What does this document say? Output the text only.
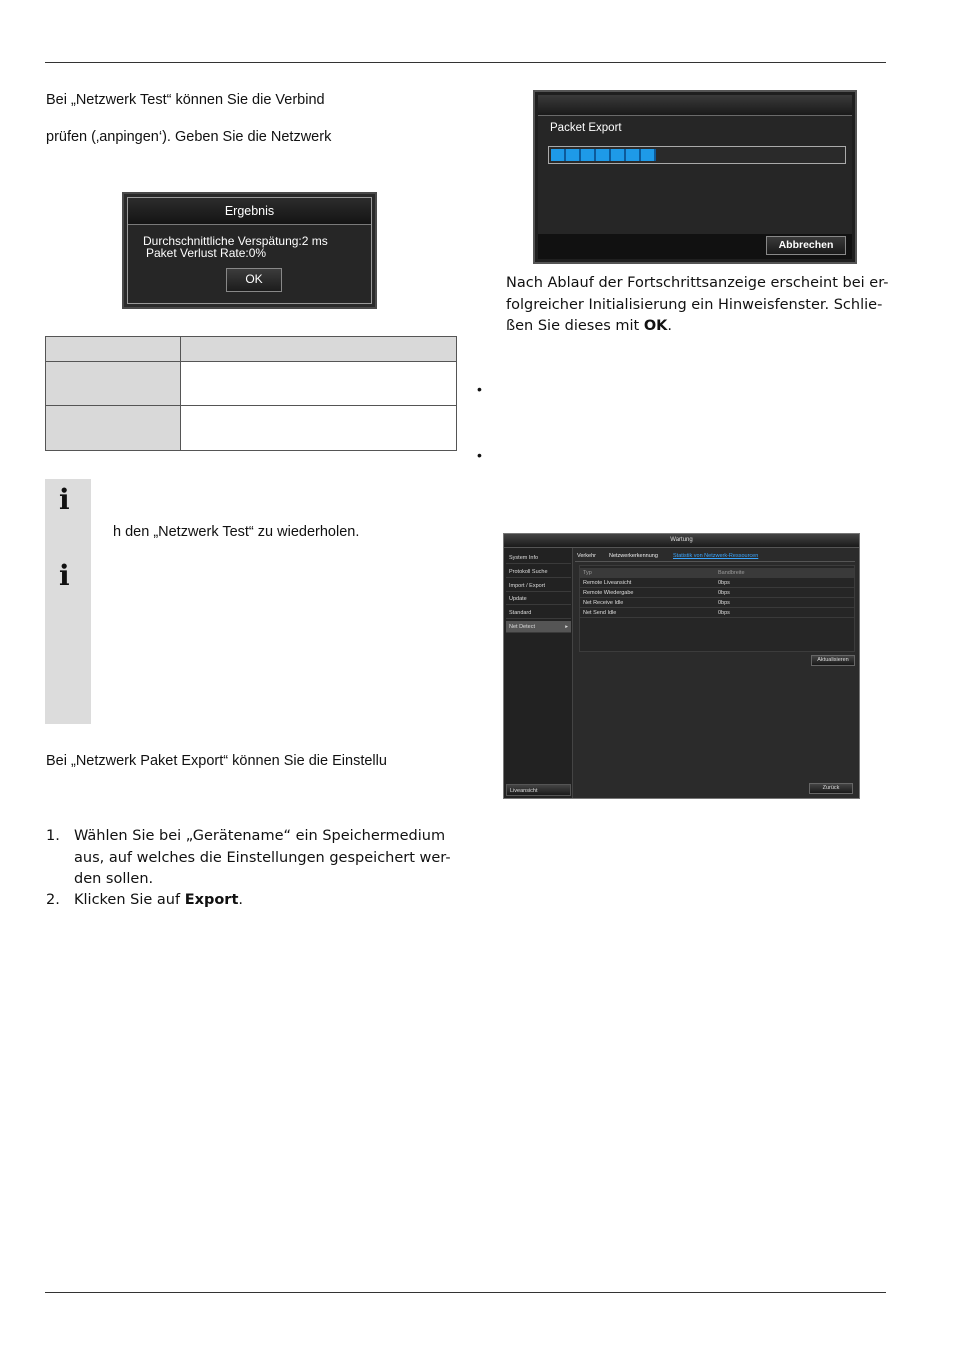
Bei „Netzwerk Test“ können Sie die Verbind
prüfen (‚anpingen‘). Geben Sie die Netzwerk
Ergebnis
Durchschnittliche Verspätung:2 ms
Paket Verlust Rate:0%
OK

i
i
h den „Netzwerk Test“ zu wiederholen.
Bei „Netzwerk Paket Export“ können Sie die Einstellu
1. Wählen Sie bei „Gerätename“ ein Speichermedium
aus, auf welches die Einstellungen gespeichert wer-
den sollen.
2. Klicken Sie auf Export.
Packet Export
Abbrechen
Nach Ablauf der Fortschrittsanzeige erscheint bei er-
folgreicher Initialisierung ein Hinweisfenster. Schlie-
ßen Sie dieses mit OK.
•
•
Wartung
System Info
Protokoll Suche
Import / Export
Update
Standard
Net Detect	▸
Liveansicht
Verkehr Netzwerkerkennung	Statistik von Netzwerk-Ressourcen
Typ	Bandbreite
Remote Liveansicht	0bps
Remote Wiedergabe	0bps
Net Receive Idle	0bps
Net Send Idle	0bps
Aktualisieren
Zurück
